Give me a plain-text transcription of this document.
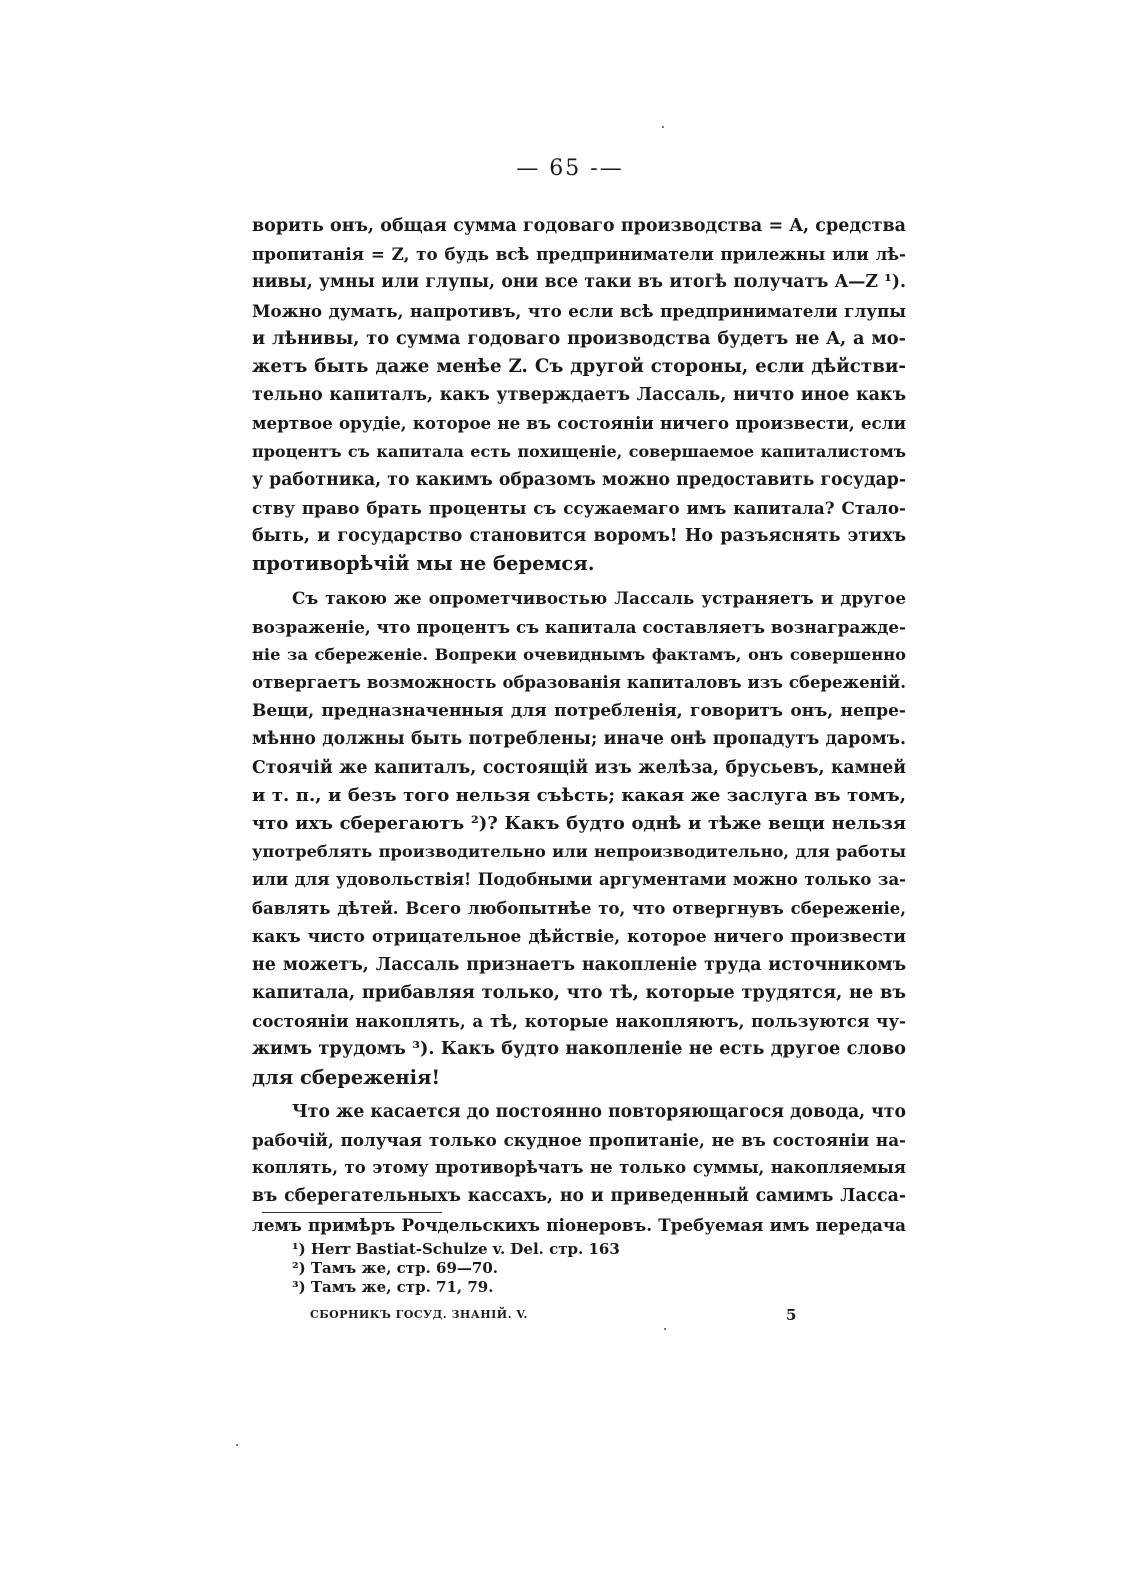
— 65 -—
ворить онъ, общая сумма годоваго производства = A, средства
пропитанія = Z, то будь всѣ предприниматели прилежны или лѣ-
нивы, умны или глупы, они все таки въ итогѣ получатъ A—Z ¹).
Можно думать, напротивъ, что если всѣ предприниматели глупы
и лѣнивы, то сумма годоваго производства будетъ не A, а мо-
жетъ быть даже менѣе Z. Съ другой стороны, если дѣйстви-
тельно капиталъ, какъ утверждаетъ Лассаль, ничто иное какъ
мертвое орудіе, которое не въ состояніи ничего произвести, если
процентъ съ капитала есть похищеніе, совершаемое капиталистомъ
у работника, то какимъ образомъ можно предоставить государ-
ству право брать проценты съ ссужаемаго имъ капитала? Стало-
быть, и государство становится воромъ! Но разъяснять этихъ
противорѣчій мы не беремся.
Съ такою же опрометчивостью Лассаль устраняетъ и другое
возраженіе, что процентъ съ капитала составляетъ вознагражде-
ніе за сбереженіе. Вопреки очевиднымъ фактамъ, онъ совершенно
отвергаетъ возможность образованія капиталовъ изъ сбереженій.
Вещи, предназначенныя для потребленія, говоритъ онъ, непре-
мѣнно должны быть потреблены; иначе онѣ пропадутъ даромъ.
Стоячій же капиталъ, состоящій изъ желѣза, брусьевъ, камней
и т. п., и безъ того нельзя съѣсть; какая же заслуга въ томъ,
что ихъ сберегаютъ ²)? Какъ будто однѣ и тѣже вещи нельзя
употреблять производительно или непроизводительно, для работы
или для удовольствія! Подобными аргументами можно только за-
бавлять дѣтей. Всего любопытнѣе то, что отвергнувъ сбереженіе,
какъ чисто отрицательное дѣйствіе, которое ничего произвести
не можетъ, Лассаль признаетъ накопленіе труда источникомъ
капитала, прибавляя только, что тѣ, которые трудятся, не въ
состояніи накоплять, а тѣ, которые накопляютъ, пользуются чу-
жимъ трудомъ ³). Какъ будто накопленіе не есть другое слово
для сбереженія!
Что же касается до постоянно повторяющагося довода, что
рабочій, получая только скудное пропитаніе, не въ состояніи на-
коплять, то этому противорѣчатъ не только суммы, накопляемыя
въ сберегательныхъ кассахъ, но и приведенный самимъ Ласса-
лемъ примѣръ Рочдельскихъ піонеровъ. Требуемая имъ передача
¹) Herr Bastiat-Schulze v. Del. стр. 163
²) Тамъ же, стр. 69—70.
³) Тамъ же, стр. 71, 79.
СБОРНИКЪ ГОСУД. ЗНАНІЙ. V.	5
